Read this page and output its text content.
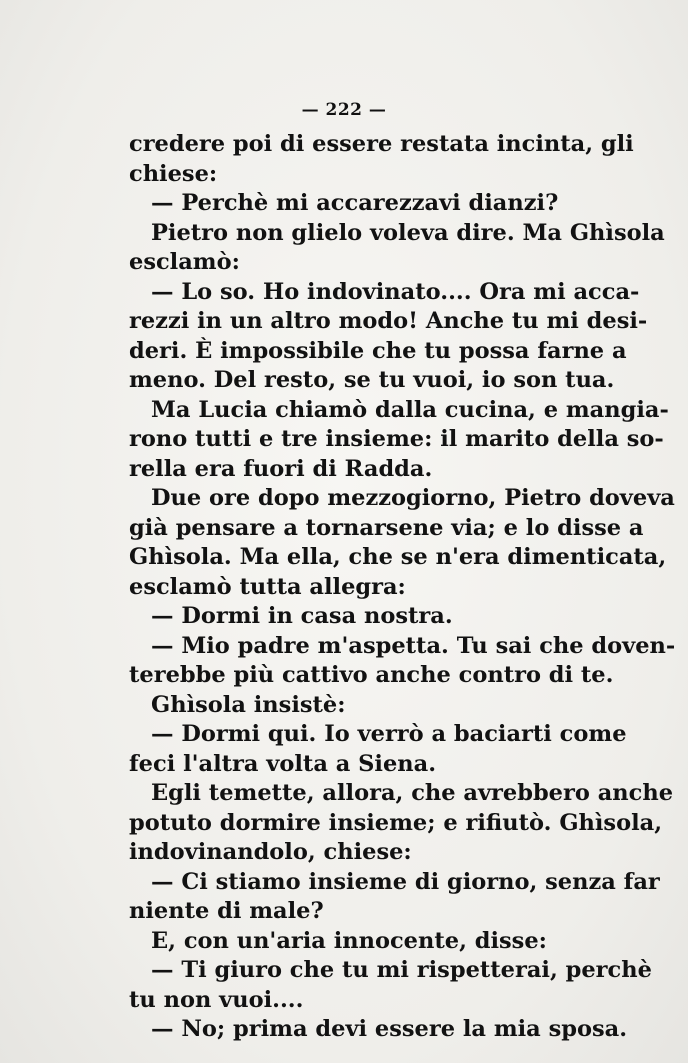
— 222 —
credere poi di essere restata incinta, gli
chiese:
— Perchè mi accarezzavi dianzi?
Pietro non glielo voleva dire. Ma Ghìsola
esclamò:
— Lo so. Ho indovinato.... Ora mi acca-
rezzi in un altro modo! Anche tu mi desi-
deri. È impossibile che tu possa farne a
meno. Del resto, se tu vuoi, io son tua.
Ma Lucia chiamò dalla cucina, e mangia-
rono tutti e tre insieme: il marito della so-
rella era fuori di Radda.
Due ore dopo mezzogiorno, Pietro doveva
già pensare a tornarsene via; e lo disse a
Ghìsola. Ma ella, che se n'era dimenticata,
esclamò tutta allegra:
— Dormi in casa nostra.
— Mio padre m'aspetta. Tu sai che doven-
terebbe più cattivo anche contro di te.
Ghìsola insistè:
— Dormi qui. Io verrò a baciarti come
feci l'altra volta a Siena.
Egli temette, allora, che avrebbero anche
potuto dormire insieme; e rifiutò. Ghìsola,
indovinandolo, chiese:
— Ci stiamo insieme di giorno, senza far
niente di male?
E, con un'aria innocente, disse:
— Ti giuro che tu mi rispetterai, perchè
tu non vuoi....
— No; prima devi essere la mia sposa.
